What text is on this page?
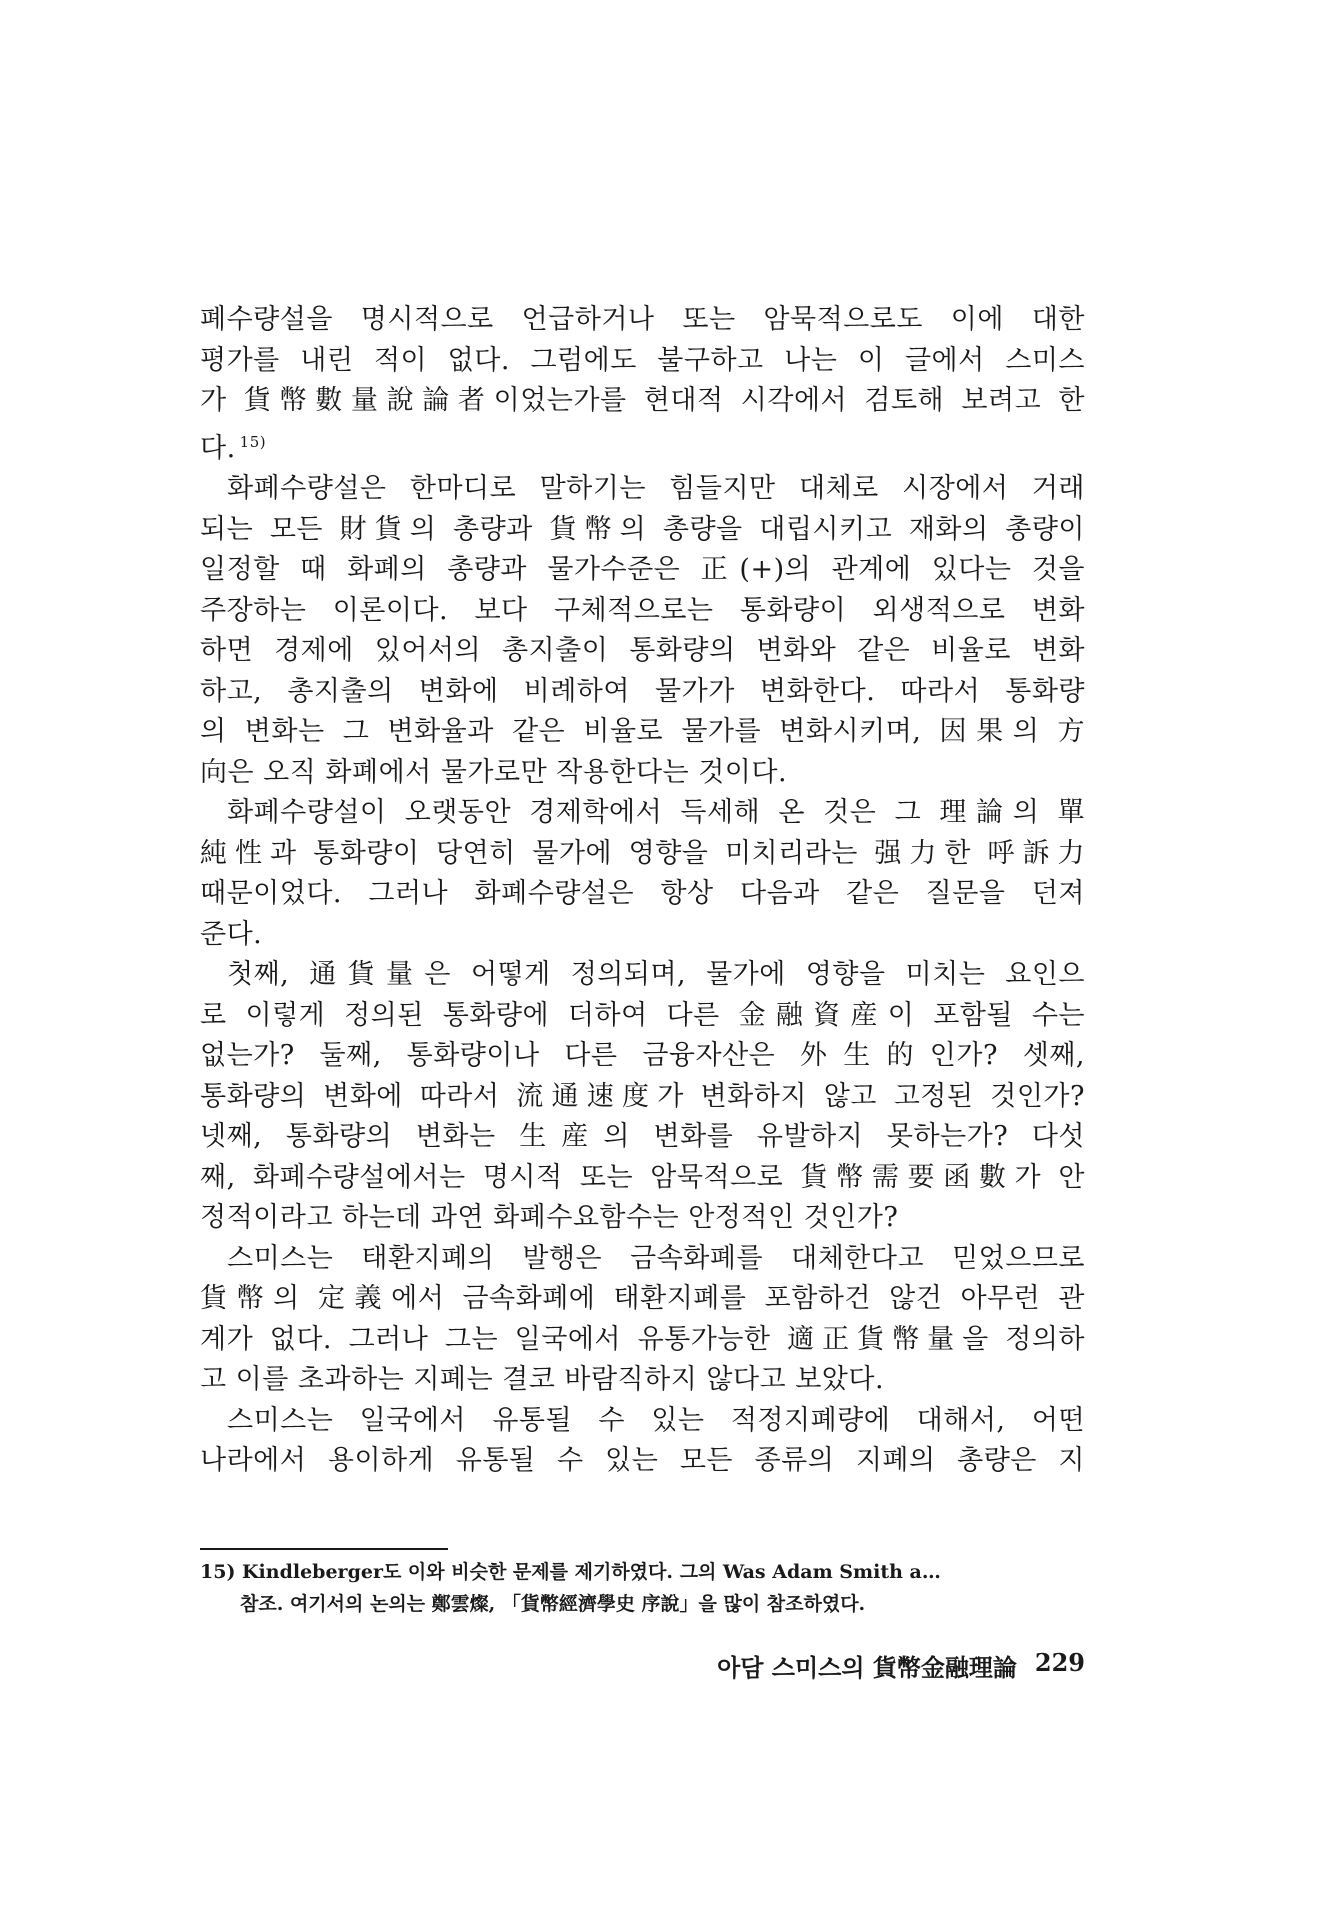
폐수량설을 명시적으로 언급하거나 또는 암묵적으로도 이에 대한
평가를 내린 적이 없다. 그럼에도 불구하고 나는 이 글에서 스미스
가 貨幣數量說論者이었는가를 현대적 시각에서 검토해 보려고 한
다. $^{15)}$

화폐수량설은 한마디로 말하기는 힘들지만 대체로 시장에서 거래
되는 모든 財貨의 총량과 貨幣의 총량을 대립시키고 재화의 총량이
일정할 때 화폐의 총량과 물가수준은 正(+)의 관계에 있다는 것을
주장하는 이론이다. 보다 구체적으로는 통화량이 외생적으로 변화
하면 경제에 있어서의 총지출이 통화량의 변화와 같은 비율로 변화
하고, 총지출의 변화에 비례하여 물가가 변화한다. 따라서 통화량
의 변화는 그 변화율과 같은 비율로 물가를 변화시키며, 因果의 方
向은 오직 화폐에서 물가로만 작용한다는 것이다.

화폐수량설이 오랫동안 경제학에서 득세해 온 것은 그 理論의 單
純性과 통화량이 당연히 물가에 영향을 미치리라는 强力한 呼訴力
때문이었다. 그러나 화폐수량설은 항상 다음과 같은 질문을 던져
준다.

첫째, 通貨量은 어떻게 정의되며, 물가에 영향을 미치는 요인으
로 이렇게 정의된 통화량에 더하여 다른 金融資産이 포함될 수는
없는가? 둘째, 통화량이나 다른 금융자산은 外生的인가? 셋째,
통화량의 변화에 따라서 流通速度가 변화하지 않고 고정된 것인가?
넷째, 통화량의 변화는 生産의 변화를 유발하지 못하는가? 다섯
째, 화폐수량설에서는 명시적 또는 암묵적으로 貨幣需要函數가 안
정적이라고 하는데 과연 화폐수요함수는 안정적인 것인가?

스미스는 태환지폐의 발행은 금속화폐를 대체한다고 믿었으므로
貨幣의 定義에서 금속화폐에 태환지폐를 포함하건 않건 아무런 관
계가 없다. 그러나 그는 일국에서 유통가능한 適正貨幣量을 정의하
고 이를 초과하는 지폐는 결코 바람직하지 않다고 보았다.

스미스는 일국에서 유통될 수 있는 적정지폐량에 대해서, 어떤
나라에서 용이하게 유통될 수 있는 모든 종류의 지폐의 총량은 지

15) Kindleberger도 이와 비슷한 문제를 제기하였다. 그의 Was Adam Smith a…
참조. 여기서의 논의는 鄭雲燦, 「貨幣經濟學史 序說」을 많이 참조하였다.
아담 스미스의 貨幣金融理論 229
